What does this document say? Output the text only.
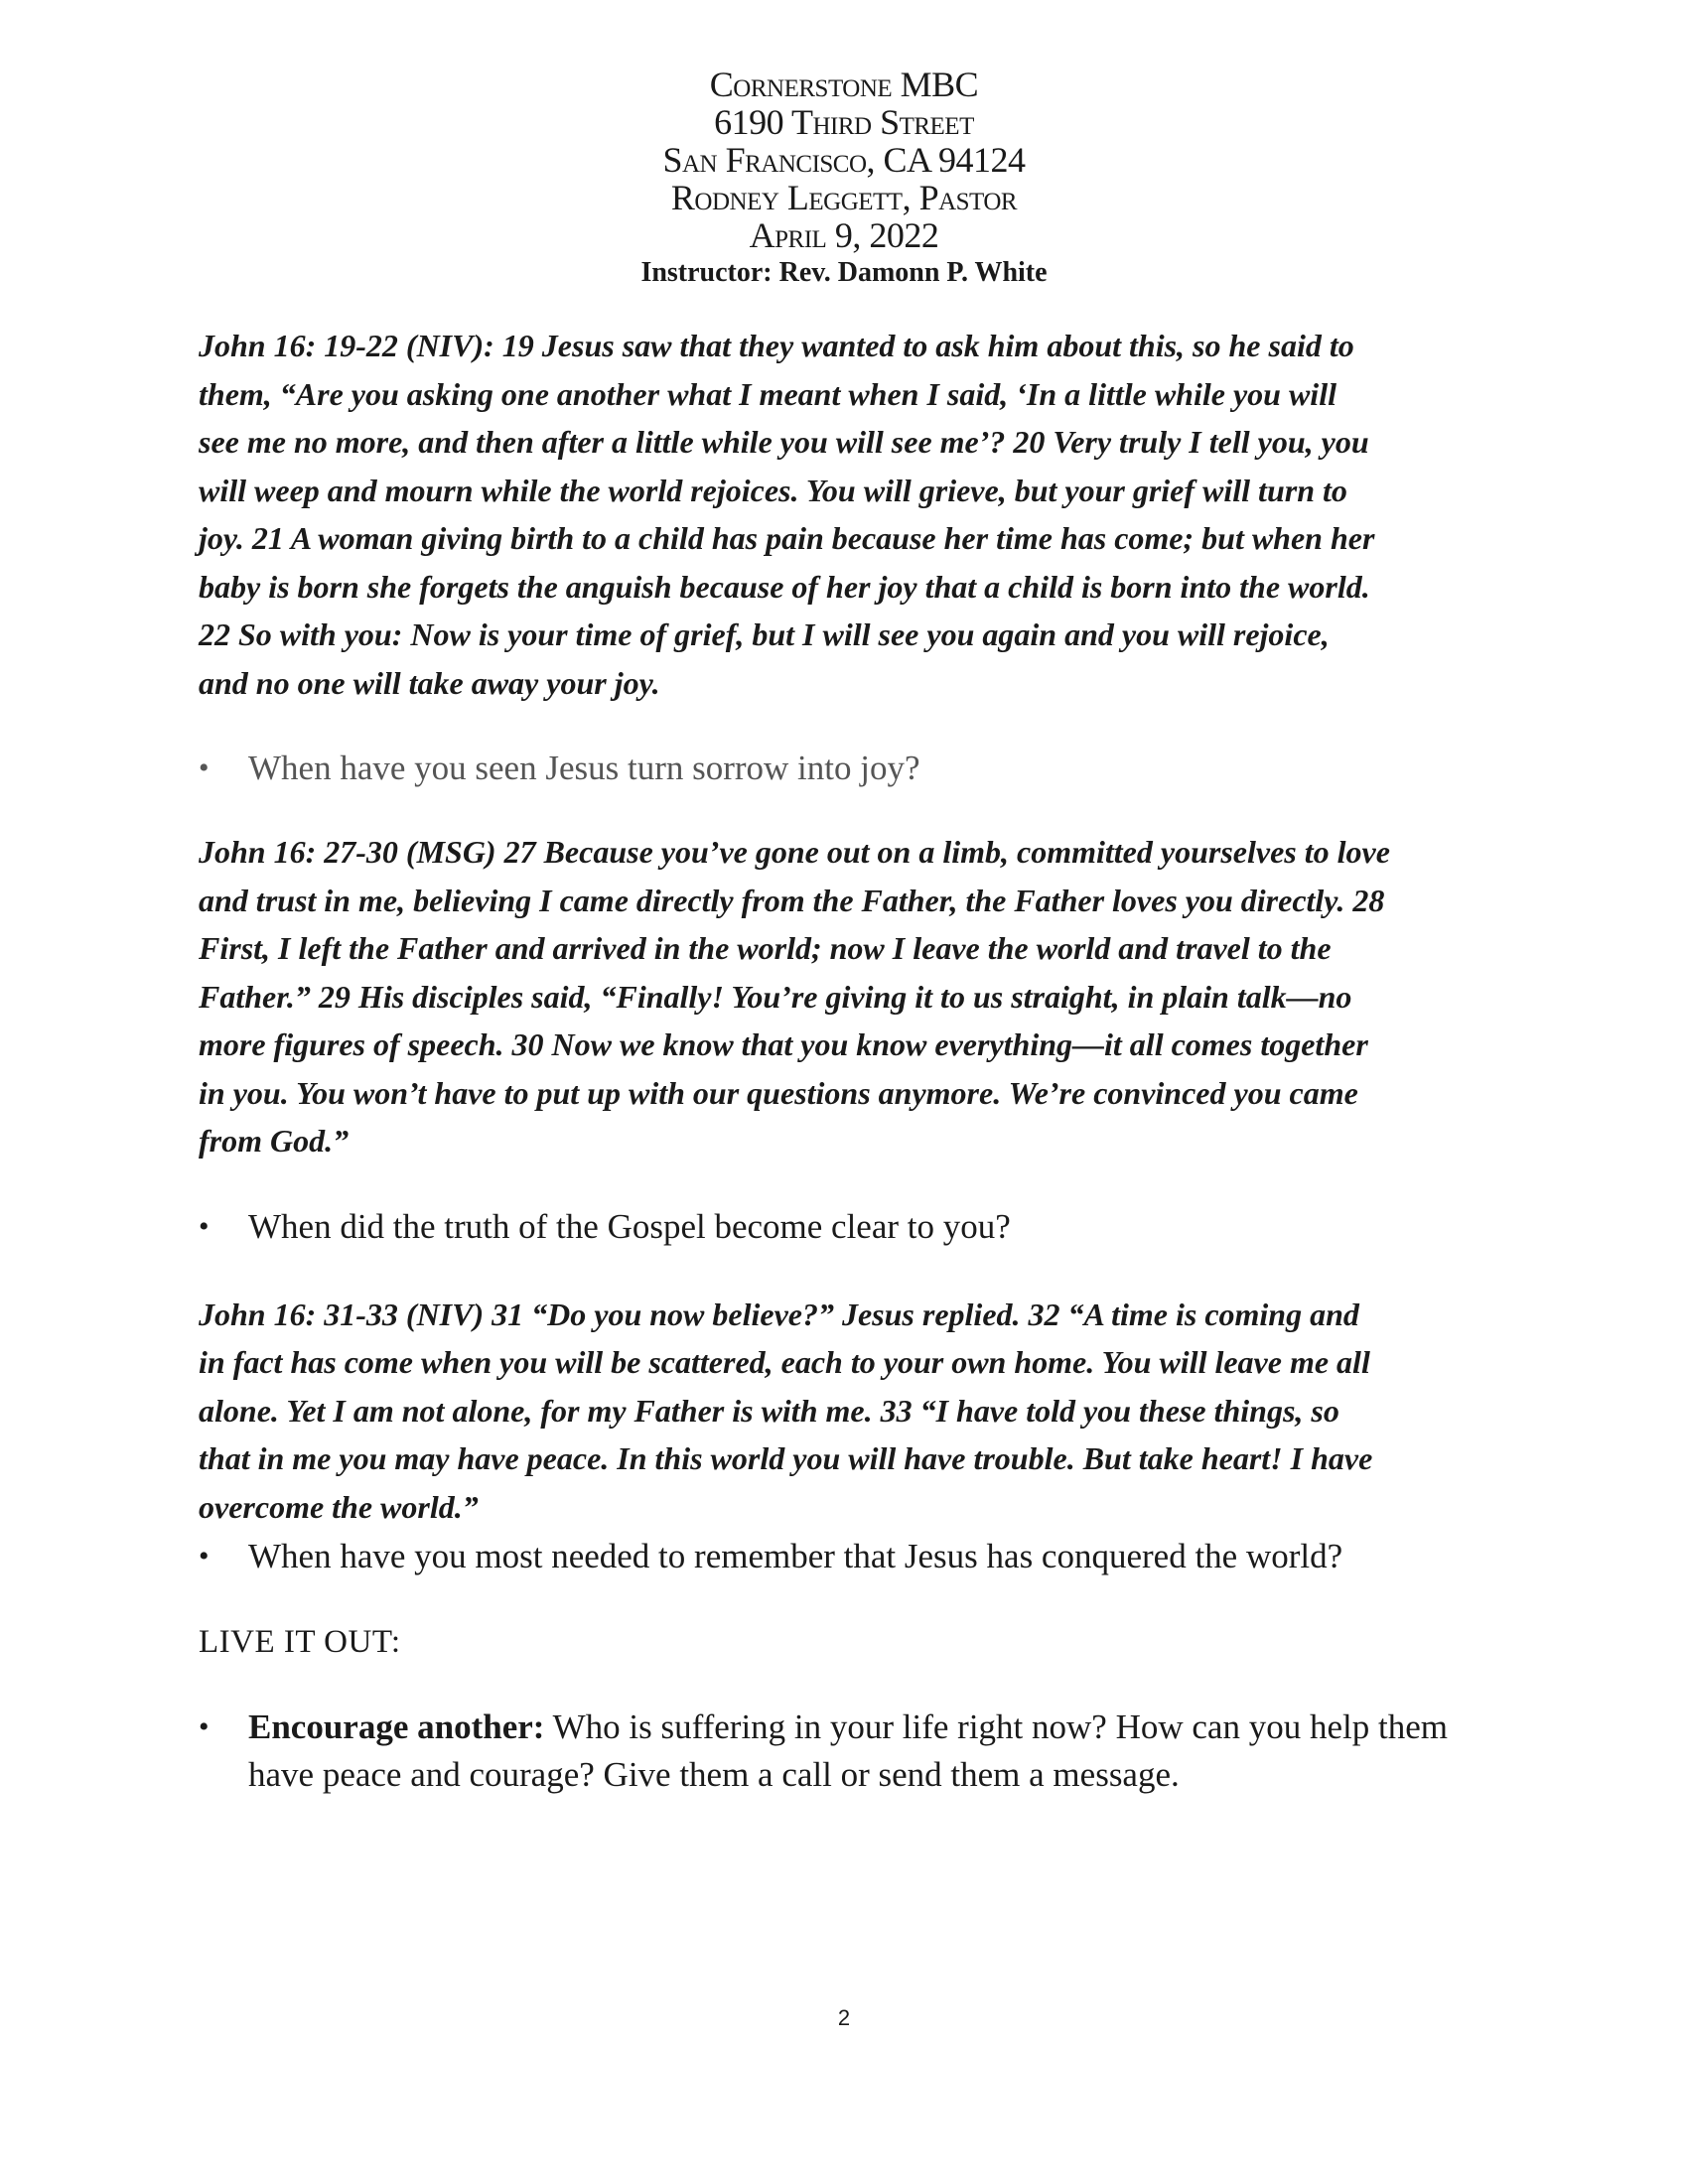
Cornerstone MBC
6190 Third Street
San Francisco, CA 94124
Rodney Leggett, Pastor
April 9, 2022
Instructor: Rev. Damonn P. White
John 16: 19-22 (NIV): 19 Jesus saw that they wanted to ask him about this, so he said to
them, “Are you asking one another what I meant when I said, ‘In a little while you will
see me no more, and then after a little while you will see me’? 20 Very truly I tell you, you
will weep and mourn while the world rejoices. You will grieve, but your grief will turn to
joy. 21 A woman giving birth to a child has pain because her time has come; but when her
baby is born she forgets the anguish because of her joy that a child is born into the world.
22 So with you: Now is your time of grief, but I will see you again and you will rejoice,
and no one will take away your joy.
•	When have you seen Jesus turn sorrow into joy?
John 16: 27-30 (MSG) 27 Because you’ve gone out on a limb, committed yourselves to love
and trust in me, believing I came directly from the Father, the Father loves you directly. 28
First, I left the Father and arrived in the world; now I leave the world and travel to the
Father.” 29 His disciples said, “Finally! You’re giving it to us straight, in plain talk—no
more figures of speech. 30 Now we know that you know everything—it all comes together
in you. You won’t have to put up with our questions anymore. We’re convinced you came
from God.”
•	When did the truth of the Gospel become clear to you?
John 16: 31-33 (NIV) 31 “Do you now believe?” Jesus replied. 32 “A time is coming and
in fact has come when you will be scattered, each to your own home. You will leave me all
alone. Yet I am not alone, for my Father is with me. 33 “I have told you these things, so
that in me you may have peace. In this world you will have trouble. But take heart! I have
overcome the world.”
•	When have you most needed to remember that Jesus has conquered the world?
LIVE IT OUT:
•	Encourage another: Who is suffering in your life right now? How can you help them have peace and courage? Give them a call or send them a message.
2
